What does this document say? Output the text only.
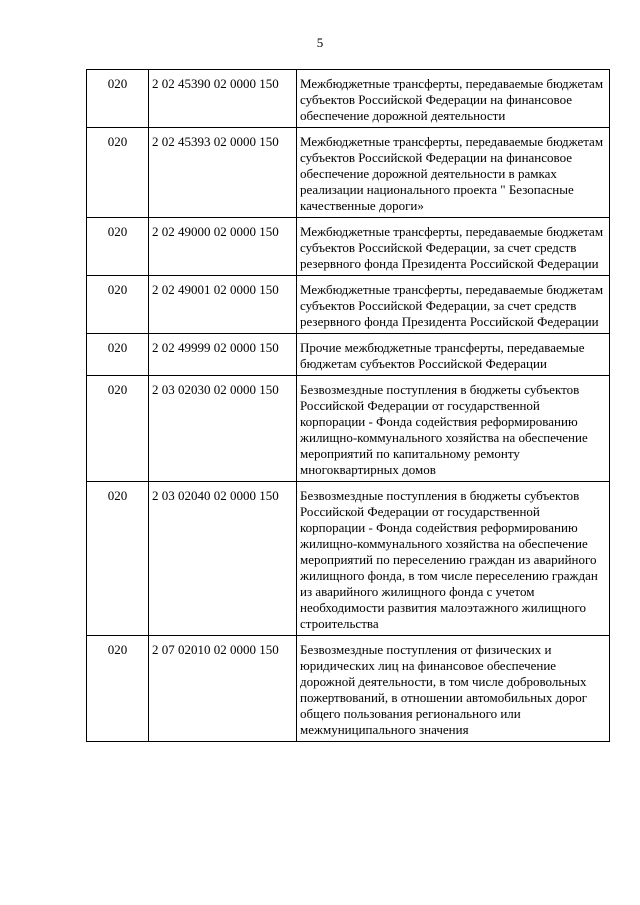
5
020	2 02 45390 02 0000 150	Межбюджетные трансферты, передаваемые бюджетам субъектов Российской Федерации на финансовое обеспечение дорожной деятельности
020	2 02 45393 02 0000 150	Межбюджетные трансферты, передаваемые бюджетам субъектов Российской Федерации на финансовое обеспечение дорожной деятельности в рамках реализации национального проекта " Безопасные качественные дороги»
020	2 02 49000 02 0000 150	Межбюджетные трансферты, передаваемые бюджетам субъектов Российской Федерации, за счет средств резервного фонда Президента Российской Федерации
020	2 02 49001 02 0000 150	Межбюджетные трансферты, передаваемые бюджетам субъектов Российской Федерации, за счет средств резервного фонда Президента Российской Федерации
020	2 02 49999 02 0000 150	Прочие межбюджетные трансферты, передаваемые бюджетам субъектов Российской Федерации
020	2 03 02030 02 0000 150	Безвозмездные поступления в бюджеты субъектов Российской Федерации от государственной корпорации - Фонда содействия реформированию жилищно-коммунального хозяйства на обеспечение мероприятий по капитальному ремонту многоквартирных домов
020	2 03 02040 02 0000 150	Безвозмездные поступления в бюджеты субъектов Российской Федерации от государственной корпорации - Фонда содействия реформированию жилищно-коммунального хозяйства на обеспечение мероприятий по переселению граждан из аварийного жилищного фонда, в том числе переселению граждан из аварийного жилищного фонда с учетом необходимости развития малоэтажного жилищного строительства
020	2 07 02010 02 0000 150	Безвозмездные поступления от физических и юридических лиц на финансовое обеспечение дорожной деятельности, в том числе добровольных пожертвований, в отношении автомобильных дорог общего пользования регионального или межмуниципального значения
